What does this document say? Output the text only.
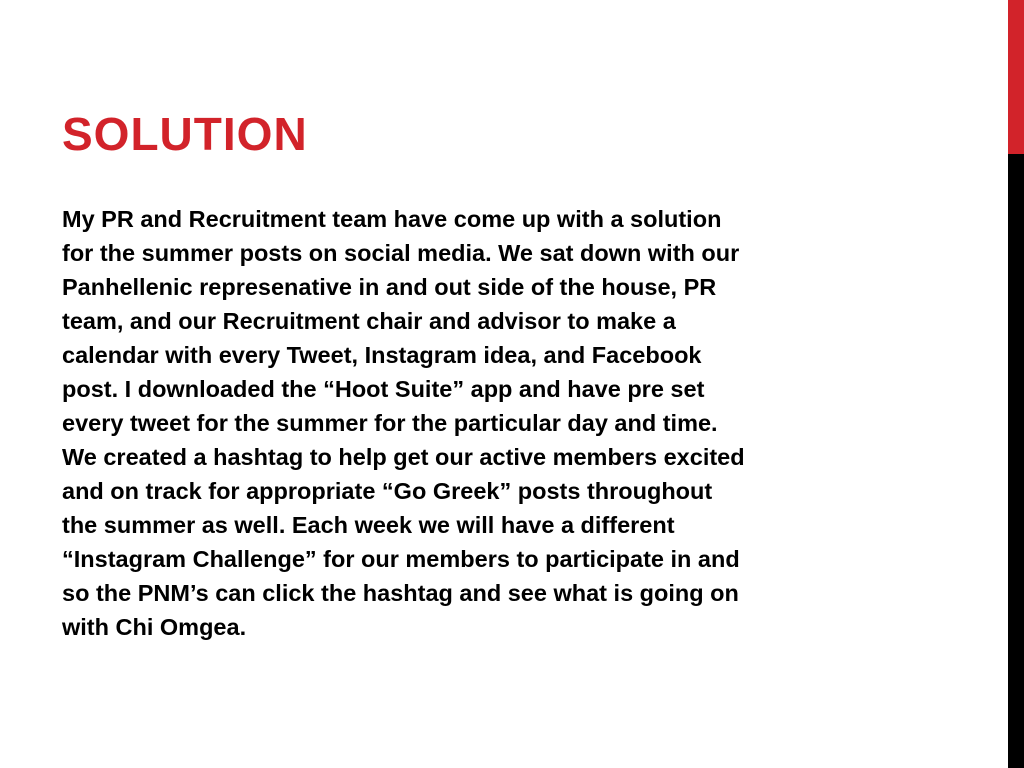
SOLUTION

My PR and Recruitment team have come up with a solution
for the summer posts on social media. We sat down with our
Panhellenic represenative in and out side of the house, PR
team, and our Recruitment chair and advisor to make a
calendar with every Tweet, Instagram idea, and Facebook
post. I downloaded the “Hoot Suite” app and have pre set
every tweet for the summer for the particular day and time.
We created a hashtag to help get our active members excited
and on track for appropriate “Go Greek” posts throughout
the summer as well. Each week we will have a different
“Instagram Challenge” for our members to participate in and
so the PNM’s can click the hashtag and see what is going on
with Chi Omgea.
